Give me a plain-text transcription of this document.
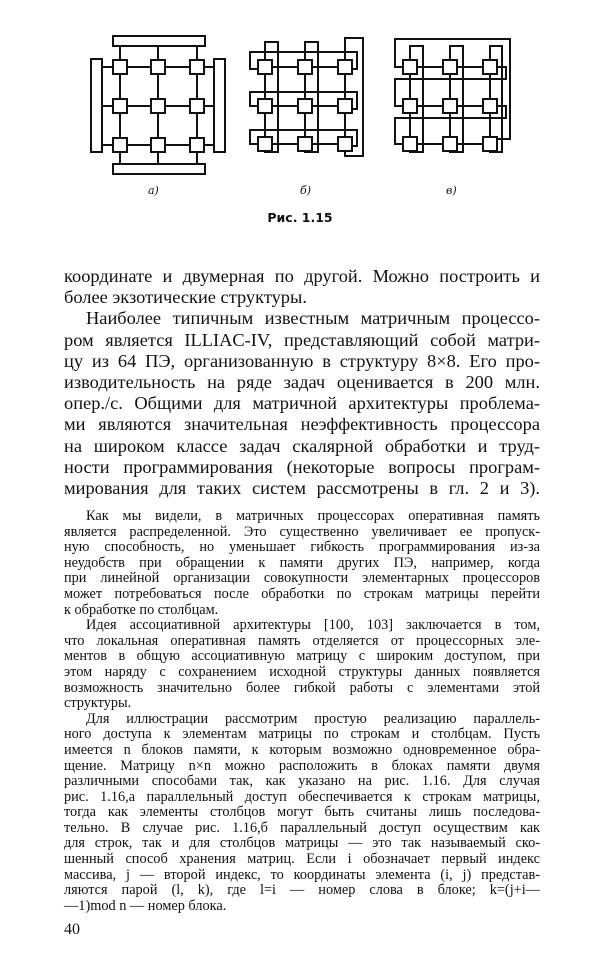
а)	б)	в)
Рис. 1.15
координате и двумерная по другой. Можно построить и
более экзотические структуры.
Наиболее типичным известным матричным процессо-
ром является ILLIAC-IV, представляющий собой матри-
цу из 64 ПЭ, организованную в структуру 8×8. Его про-
изводительность на ряде задач оценивается в 200 млн.
опер./с. Общими для матричной архитектуры проблема-
ми являются значительная неэффективность процессора
на широком классе задач скалярной обработки и труд-
ности программирования (некоторые вопросы програм-
мирования для таких систем рассмотрены в гл. 2 и 3).
Как мы видели, в матричных процессорах оперативная память
является распределенной. Это существенно увеличивает ее пропуск-
ную способность, но уменьшает гибкость программирования из-за
неудобств при обращении к памяти других ПЭ, например, когда
при линейной организации совокупности элементарных процессоров
может потребоваться после обработки по строкам матрицы перейти
к обработке по столбцам.
Идея ассоциативной архитектуры [100, 103] заключается в том,
что локальная оперативная память отделяется от процессорных эле-
ментов в общую ассоциативную матрицу с широким доступом, при
этом наряду с сохранением исходной структуры данных появляется
возможность значительно более гибкой работы с элементами этой
структуры.
Для иллюстрации рассмотрим простую реализацию параллель-
ного доступа к элементам матрицы по строкам и столбцам. Пусть
имеется n блоков памяти, к которым возможно одновременное обра-
щение. Матрицу n×n можно расположить в блоках памяти двумя
различными способами так, как указано на рис. 1.16. Для случая
рис. 1.16,а параллельный доступ обеспечивается к строкам матрицы,
тогда как элементы столбцов могут быть считаны лишь последова-
тельно. В случае рис. 1.16,б параллельный доступ осуществим как
для строк, так и для столбцов матрицы — это так называемый ско-
шенный способ хранения матриц. Если i обозначает первый индекс
массива, j — второй индекс, то координаты элемента (i, j) представ-
ляются парой (l, k), где l=i — номер слова в блоке; k=(j+i—
—1)mod n — номер блока.
40
